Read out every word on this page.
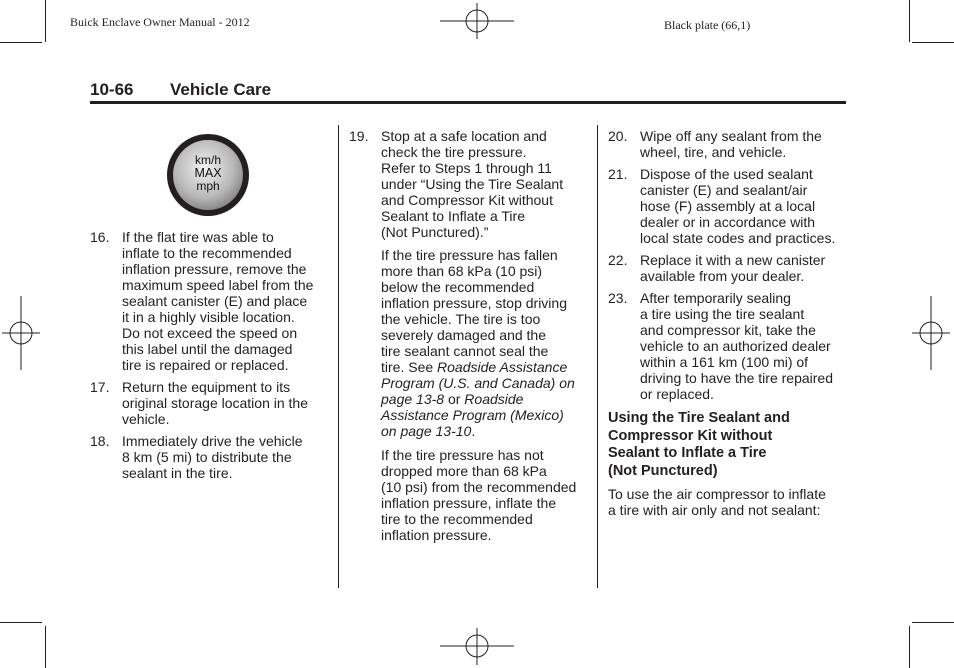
Buick Enclave Owner Manual - 2012	Black plate (66,1)
10-66 Vehicle Care
km/h
MAX
mph
16. If the flat tire was able to
inflate to the recommended
inflation pressure, remove the
maximum speed label from the
sealant canister (E) and place
it in a highly visible location.
Do not exceed the speed on
this label until the damaged
tire is repaired or replaced.
17. Return the equipment to its
original storage location in the
vehicle.
18. Immediately drive the vehicle
8 km (5 mi) to distribute the
sealant in the tire.
19. Stop at a safe location and
check the tire pressure.
Refer to Steps 1 through 11
under “Using the Tire Sealant
and Compressor Kit without
Sealant to Inflate a Tire
(Not Punctured).”
If the tire pressure has fallen
more than 68 kPa (10 psi)
below the recommended
inflation pressure, stop driving
the vehicle. The tire is too
severely damaged and the
tire sealant cannot seal the
tire. See Roadside Assistance
Program (U.S. and Canada) on
page 13-8 or Roadside
Assistance Program (Mexico)
on page 13-10.
If the tire pressure has not
dropped more than 68 kPa
(10 psi) from the recommended
inflation pressure, inflate the
tire to the recommended
inflation pressure.
20. Wipe off any sealant from the
wheel, tire, and vehicle.
21. Dispose of the used sealant
canister (E) and sealant/air
hose (F) assembly at a local
dealer or in accordance with
local state codes and practices.
22. Replace it with a new canister
available from your dealer.
23. After temporarily sealing
a tire using the tire sealant
and compressor kit, take the
vehicle to an authorized dealer
within a 161 km (100 mi) of
driving to have the tire repaired
or replaced.
Using the Tire Sealant and
Compressor Kit without
Sealant to Inflate a Tire
(Not Punctured)
To use the air compressor to inflate
a tire with air only and not sealant:
